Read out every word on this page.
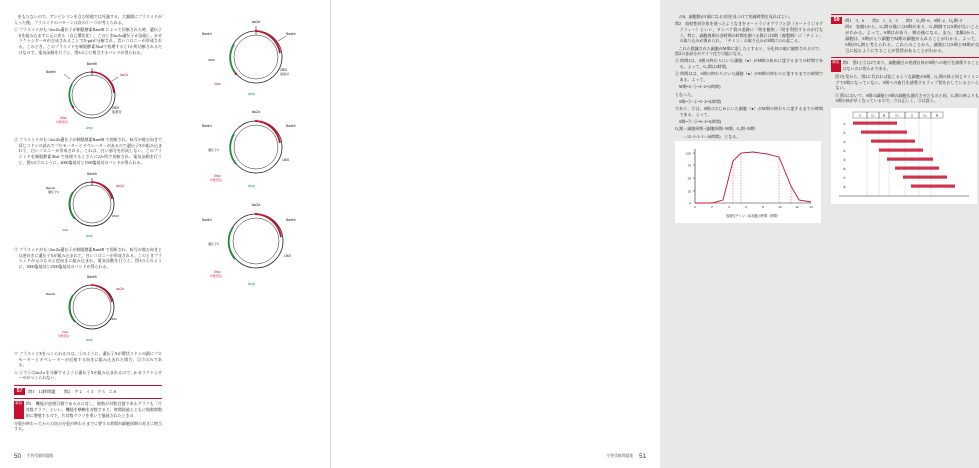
をもたないので、アンピシリンを含む培地では死滅する。大腸菌にプラスミドが入った後、プラスミドのパターンは次の①〜③が考えられる。

① プラスミドがもつlacZα遺伝子が制限酵素BamHⅠ によって切断された時、遺伝子Xを組み込まずに元に戻る（自己環状化）。このときlacZα遺伝子が発現し、β-ガラクトシダーゼが合成されることでX-galが分解され、青いコロニーが形成される。このとき、このプラスミドを制限酵素XbaⅠで処理すると1か所切断されるだけなので、電気泳動を行うと、図3の①に相当するバンドが得られる。

BamHⅠ
lacZα
BamHⅠ
2500
塩基対
XbaⅠ
切断部位
Amp

② プラスミドがもつlacZα遺伝子が制限酵素BamHⅠ で切断され、転写が進む向きで同じコドンの読みでプロモーターとオペレーターがあるので遺伝子Xが組み込まれて、白いコロニーが形成される。これは、白い部分を形成しない。このプラスミドを制限酵素XbaⅠ で処理するとさらに2か所で切断され、電気泳動を行うと、図3の③のように、4000塩基対と1500塩基対のバンドが得られる。

BamHⅠ
lacZα
BamHⅠ
遺伝子X
1500
XbaⅠ
Amp

③ プラスミドがもつlacZα遺伝子が制限酵素BamHⅠ で切断され、転写が進む向きとは逆向きに遺伝子Xが組み込まれて、白いコロニーが形成される。このときプラスミドが元のものと逆向きに組み込まれ、電気泳動を行うと、図3の②のように、3000塩基対と2500塩基対のバンドが得られる。

BamHⅠ
lacZα
BamHⅠ
1500
XbaⅠ
切断部位
Amp

ウ プラスミドXをつくられるのは、①のように、遺伝子Xが環状コドンの鎖にプロモーターとオペレーターが近接する向きに組み込まれた場合、②③のみである。

エ ①で①はlacZα を分解するように遺伝子Xが組み込まれるので、β-ガラクトシダーゼがつくられない。

57	問1　12移問題　　問2　ア 2　イ 3　ウ 3　エ 6
解説 問1　機能が逆措目標であるのに対し、複数が対数目盛であるグラフも「片対数グラフ」といい、機能を横軸を対数すると、時間経過とともに指数関数的に増殖するので、片対数グラフを用いて描画されたときの

分裂が終わってからの次の分裂が終わるまでに要する時間が細胞周期の長さに相当する。

lacZα
BamHⅠ
BamHⅠ
2500
塩基対
XbaⅠ
Amp
3000
lacZα
BamHⅠ
BamHⅠ
1500
XbaⅠ
切断部位
Amp
遺伝子X
lacZα
BamHⅠ
BamHⅠ
1500
XbaⅠ
切断部位
Amp
遺伝子X
生物受験問題集
50

のй、細胞数が1個になる2回を見つけて培養時間を見ればよい。

問2　放射性同位体を使ったようなきをオートラジオグラフと法（オートラジオグラフィー）といい、タンパク質の追跡に「明を観察」「明を利用するのが行なう。特に、細胞周期の各時期の時間を調べる際にはS期（複製期）に「チミ ン」の取り込みが進められ、「チミン」の取り込みがS期にのみ起こる。

これら標識された細胞がM期に達したとすると、分化体の暗に観察されるので、図2の各部分がグラフ化で可能になる。

② 時間2は、S期の終わりにいた細胞（●）がM期の初めに達するまでの時間である。よって、G₂期は2時間。

② 時間12は、S期の終わりにいた細胞（●）がM期の終わりに達するまでの時間である。よって、

　M期=2−①=3−2=1(時間)

となった。

　S期=③−①=5−2=3(時間)

であり、③は、S期のはじめにいた細胞（●）がM期の終わりに達するまでの時間である。よって、

　S期=③−②=6−3=3(時間)

G₁期＝細胞周期−(細胞周期−M期、G₂期−M期

　　＝12−3−2−1＝6(時間)　となる。

100
75
50
25
0
0	2	4	6	8	10	12	14
放射性チミジン添加後の時間（時間）
58	問1　3、6　　問2　1、2、3　　問3　G₁期−6、S期−2、G₂期−3
問4　実験1から、G₁期の後にはS期があり、G₁期側ではS期がないことがわかる。よって、S期はがあり、期の後になる。また、実験2から、細胞は、S期が入り細胞でM期の細胞が入れることがわかる。よって、S期がG₂期と考えられる。これらのことから、細胞にはS期とM期が交互に起るようにすることが役得があることがわかる。
解説 問1　図1と②は2であり、細胞融合の処理自体がS期への進行を誘導することはないのに明らかである。

　図1を受から、図2に代われば起こるような細胞がS期、G₁期の体と同じタイミングでS期になっていない、S期への進行を誘導するラップ質をおしているといえない。

　③ 図1において、S期の細胞とS期の細胞も融合させたものと同、G₁期の核よりもS期の核が早くなっているので、③は正しく、③は誤り。

S	G₂	M	G₁	S	G₂	M
①
②
③
④
⑤
⑥
⑦
⑧
生物受験問題集 51
